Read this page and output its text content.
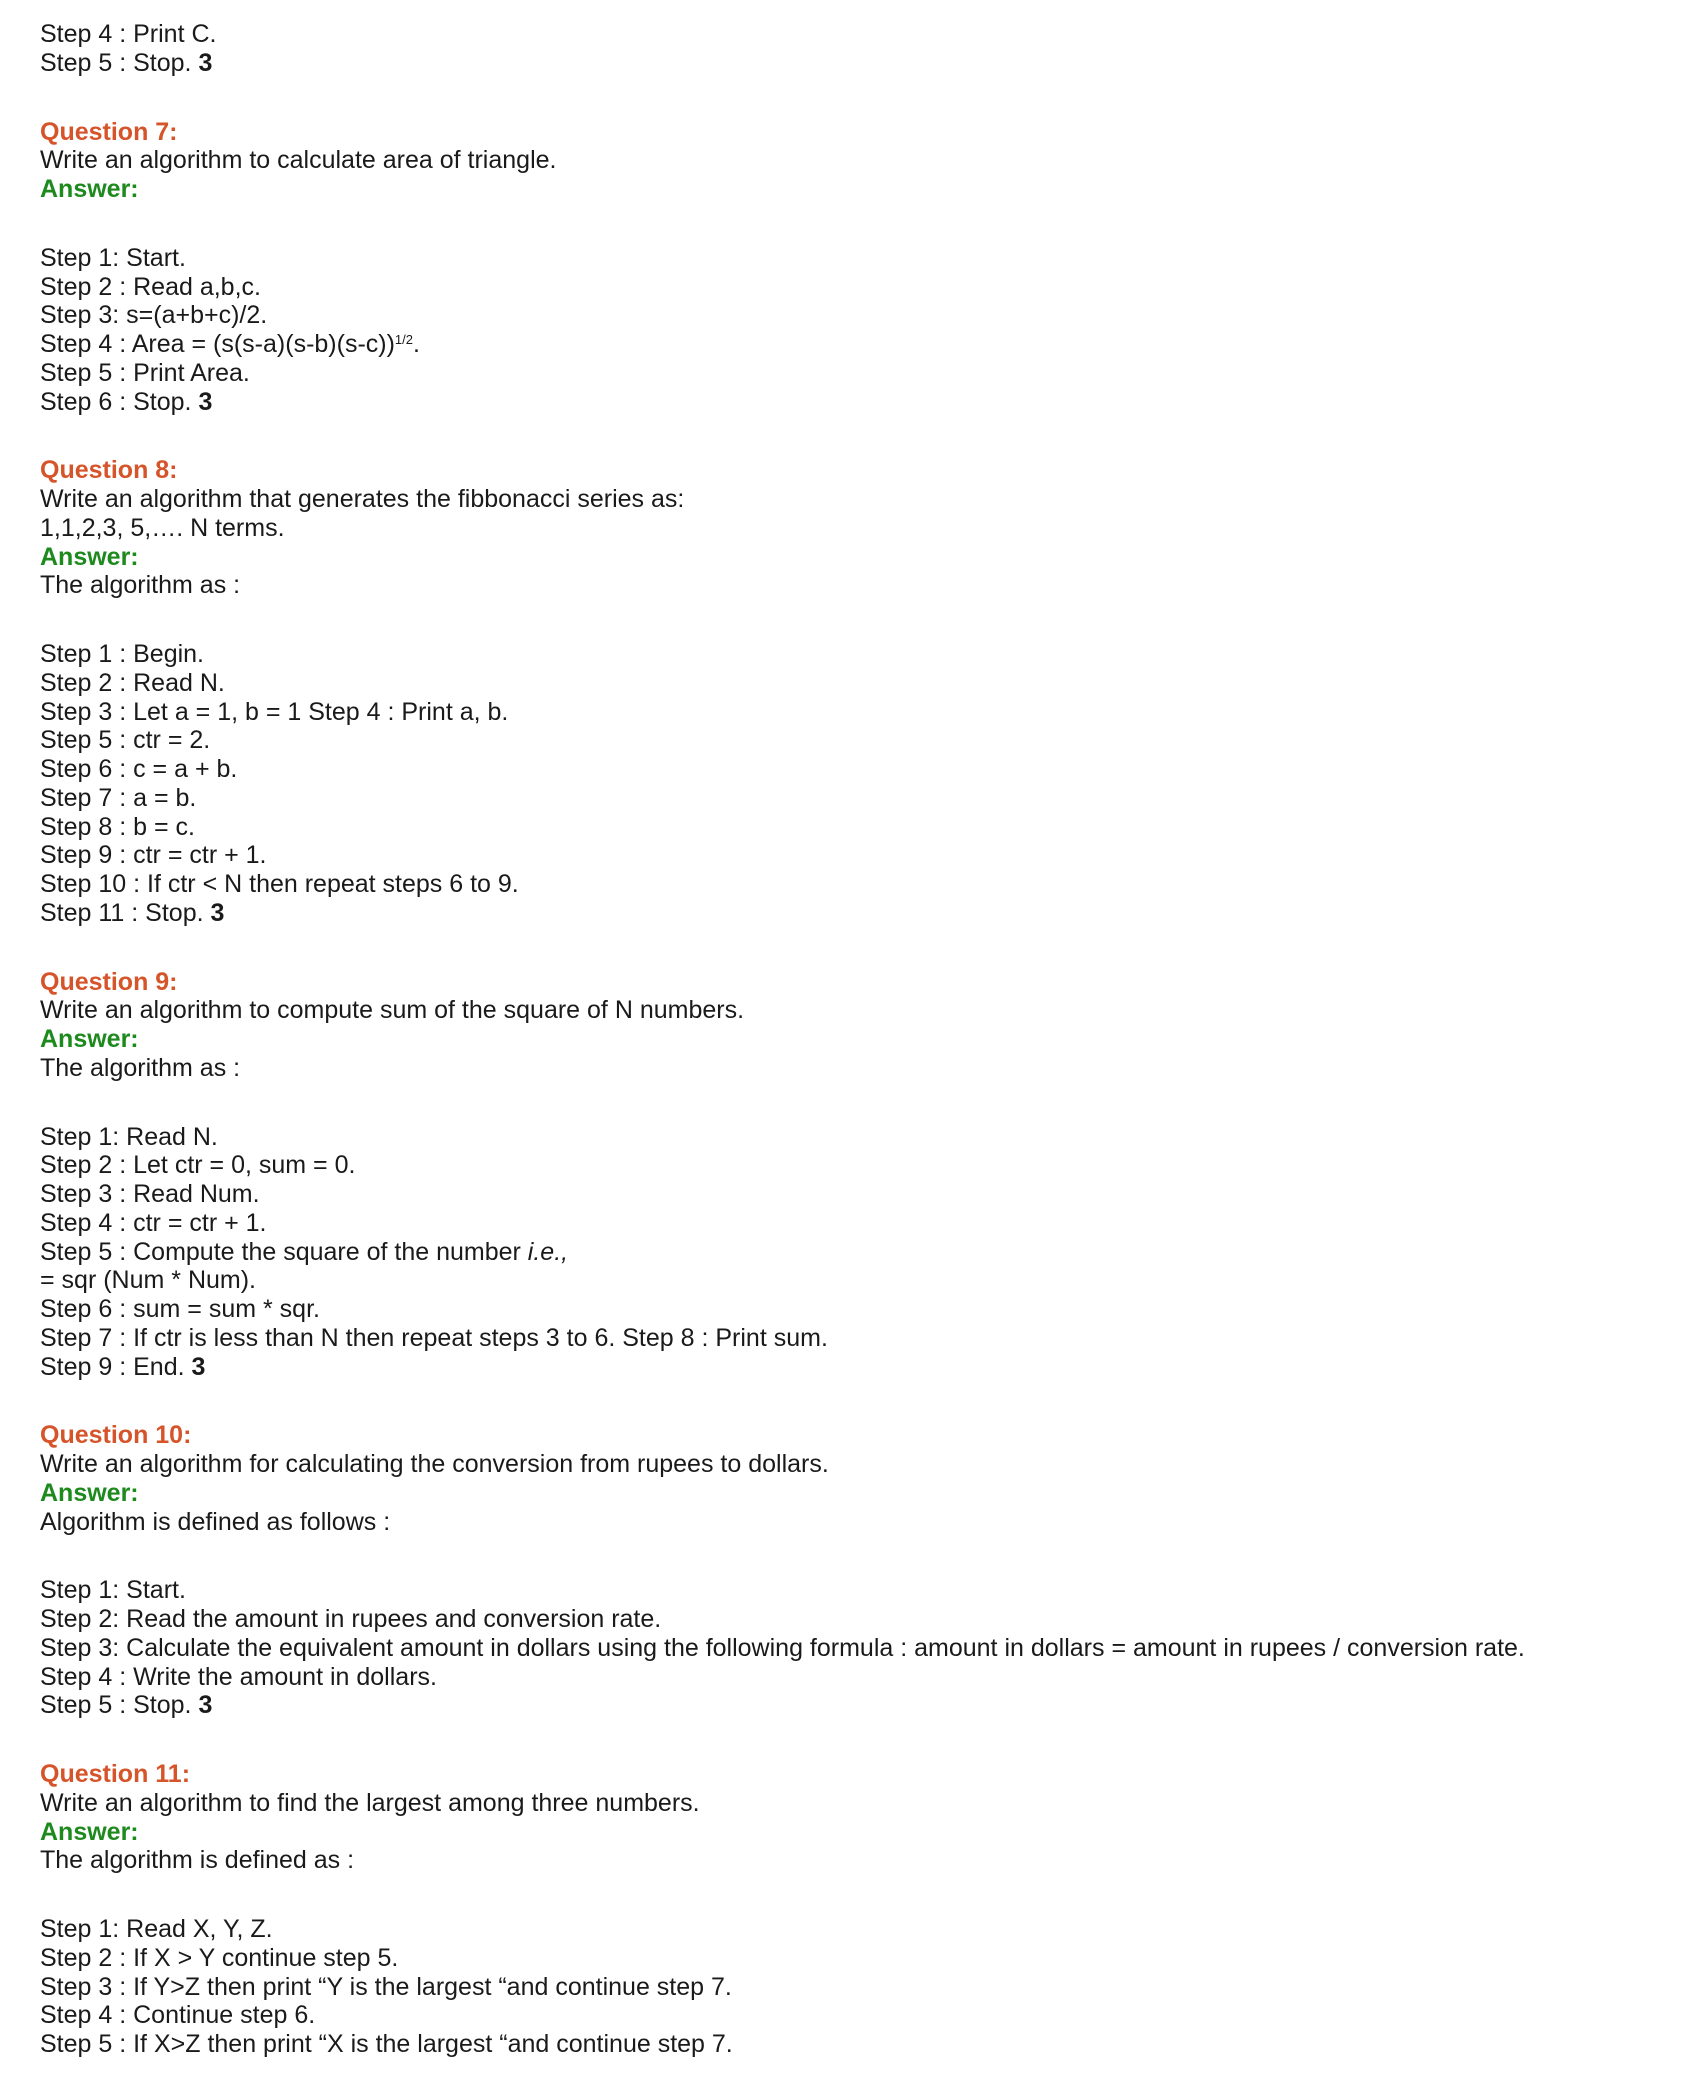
Step 4 : Print C.
Step 5 : Stop. 3
Question 7:
Write an algorithm to calculate area of triangle.
Answer:
Step 1: Start.
Step 2 : Read a,b,c.
Step 3: s=(a+b+c)/2.
Step 4 : Area = $(s(s-a)(s-b)(s-c))^{1/2}$.
Step 5 : Print Area.
Step 6 : Stop. 3
Question 8:
Write an algorithm that generates the fibbonacci series as:
1,1,2,3, 5,…. N terms.
Answer:
The algorithm as :
Step 1 : Begin.
Step 2 : Read N.
Step 3 : Let a = 1, b = 1 Step 4 : Print a, b.
Step 5 : ctr = 2.
Step 6 : c = a + b.
Step 7 : a = b.
Step 8 : b = c.
Step 9 : ctr = ctr + 1.
Step 10 : If ctr < N then repeat steps 6 to 9.
Step 11 : Stop. 3
Question 9:
Write an algorithm to compute sum of the square of N numbers.
Answer:
The algorithm as :
Step 1: Read N.
Step 2 : Let ctr = 0, sum = 0.
Step 3 : Read Num.
Step 4 : ctr = ctr + 1.
Step 5 : Compute the square of the number i.e.,
= sqr (Num * Num).
Step 6 : sum = sum * sqr.
Step 7 : If ctr is less than N then repeat steps 3 to 6. Step 8 : Print sum.
Step 9 : End. 3
Question 10:
Write an algorithm for calculating the conversion from rupees to dollars.
Answer:
Algorithm is defined as follows :
Step 1: Start.
Step 2: Read the amount in rupees and conversion rate.
Step 3: Calculate the equivalent amount in dollars using the following formula : amount in dollars = amount in rupees / conversion rate.
Step 4 : Write the amount in dollars.
Step 5 : Stop. 3
Question 11:
Write an algorithm to find the largest among three numbers.
Answer:
The algorithm is defined as :
Step 1: Read X, Y, Z.
Step 2 : If X > Y continue step 5.
Step 3 : If Y>Z then print “Y is the largest “and continue step 7.
Step 4 : Continue step 6.
Step 5 : If X>Z then print “X is the largest “and continue step 7.
